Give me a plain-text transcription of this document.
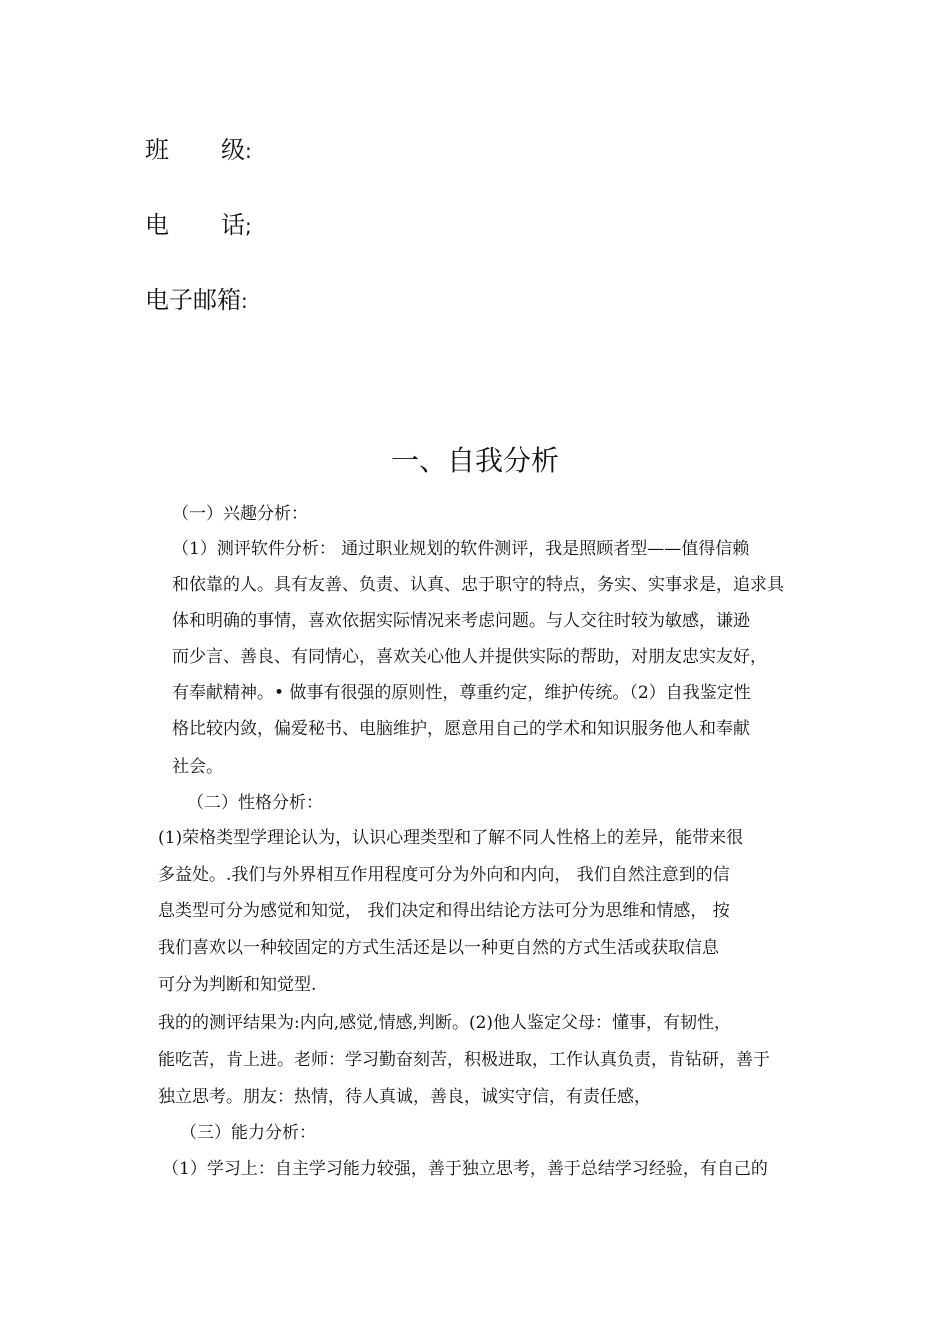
班 级:
电 话;
电子邮箱:
一、自我分析
（一）兴趣分析：
（1）测评软件分析： 通过职业规划的软件测评，我是照顾者型——值得信赖
和依靠的人。具有友善、负责、认真、忠于职守的特点，务实、实事求是，追求具
体和明确的事情，喜欢依据实际情况来考虑问题。与人交往时较为敏感，谦逊
而少言、善良、有同情心，喜欢关心他人并提供实际的帮助，对朋友忠实友好，
有奉献精神。• 做事有很强的原则性，尊重约定，维护传统。（2）自我鉴定性
格比较内敛，偏爱秘书、电脑维护，愿意用自己的学术和知识服务他人和奉献
社会。
（二）性格分析：
(1)荣格类型学理论认为，认识心理类型和了解不同人性格上的差异，能带来很
多益处。.我们与外界相互作用程度可分为外向和内向， 我们自然注意到的信
息类型可分为感觉和知觉， 我们决定和得出结论方法可分为思维和情感， 按
我们喜欢以一种较固定的方式生活还是以一种更自然的方式生活或获取信息
可分为判断和知觉型.
我的的测评结果为:内向,感觉,情感,判断。(2)他人鉴定父母：懂事，有韧性，
能吃苦，肯上进。老师：学习勤奋刻苦，积极进取，工作认真负责，肯钻研，善于
独立思考。朋友：热情，待人真诚，善良，诚实守信，有责任感，
（三）能力分析：
（1）学习上：自主学习能力较强，善于独立思考，善于总结学习经验，有自己的
